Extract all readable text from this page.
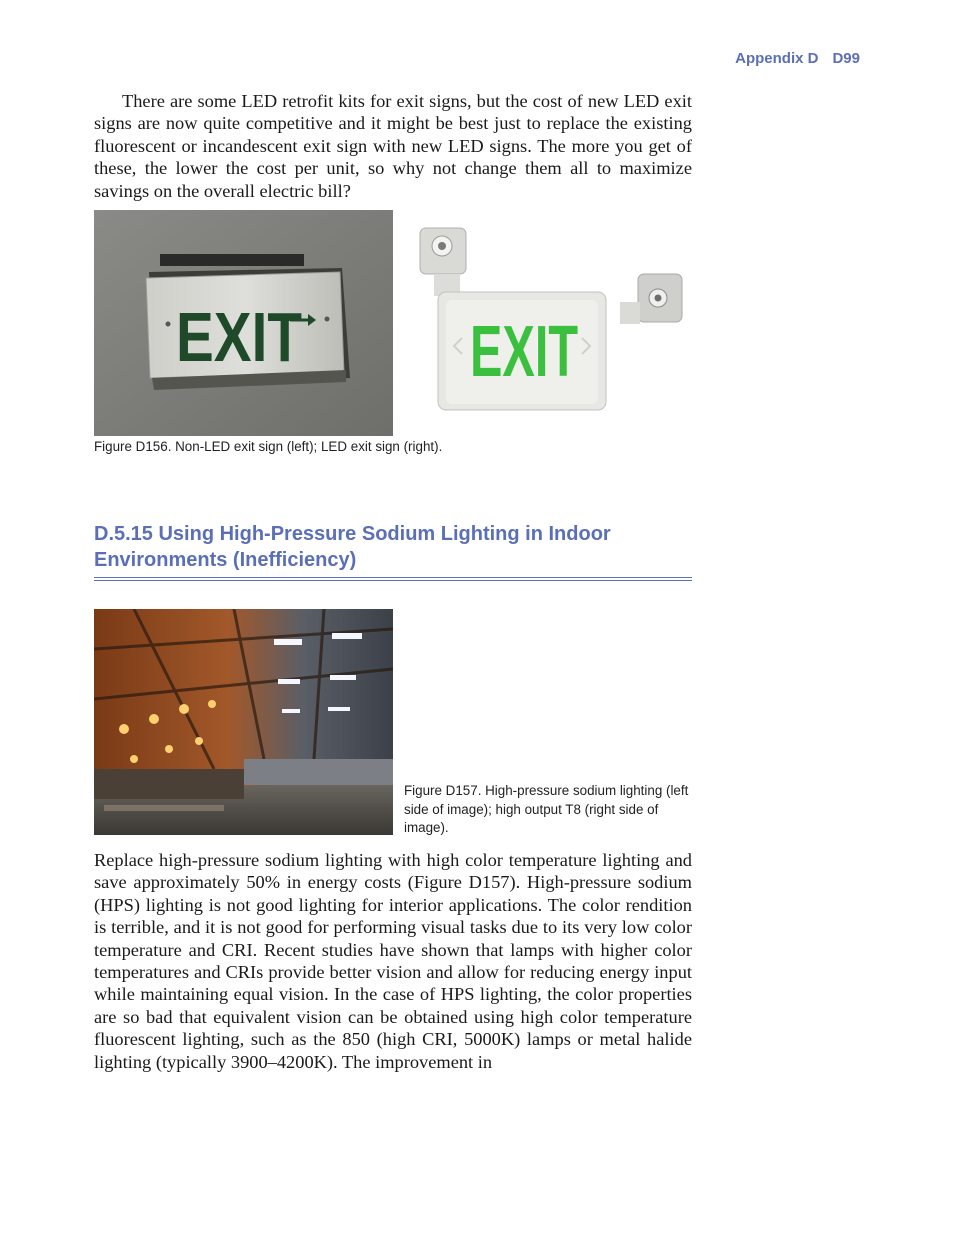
Appendix D D99

There are some LED retrofit kits for exit signs, but the cost of new LED exit signs are now quite competitive and it might be best just to replace the existing fluorescent or incandescent exit sign with new LED signs. The more you get of these, the lower the cost per unit, so why not change them all to maximize savings on the overall electric bill?

EXIT EXIT
Figure D156. Non-LED exit sign (left); LED exit sign (right).
D.5.15 Using High-Pressure Sodium Lighting in Indoor
Environments (Inefficiency)
Figure D157. High-pressure sodium lighting (left side of image); high output T8 (right side of image).

Replace high-pressure sodium lighting with high color temperature lighting and save approximately 50% in energy costs (Figure D157). High-pressure sodium (HPS) lighting is not good lighting for interior applications. The color rendition is terrible, and it is not good for performing visual tasks due to its very low color temperature and CRI. Recent studies have shown that lamps with higher color temperatures and CRIs provide better vision and allow for reducing energy input while maintaining equal vision. In the case of HPS lighting, the color properties are so bad that equivalent vision can be obtained using high color temperature fluorescent lighting, such as the 850 (high CRI, 5000K) lamps or metal halide lighting (typically 3900–4200K). The improvement in
